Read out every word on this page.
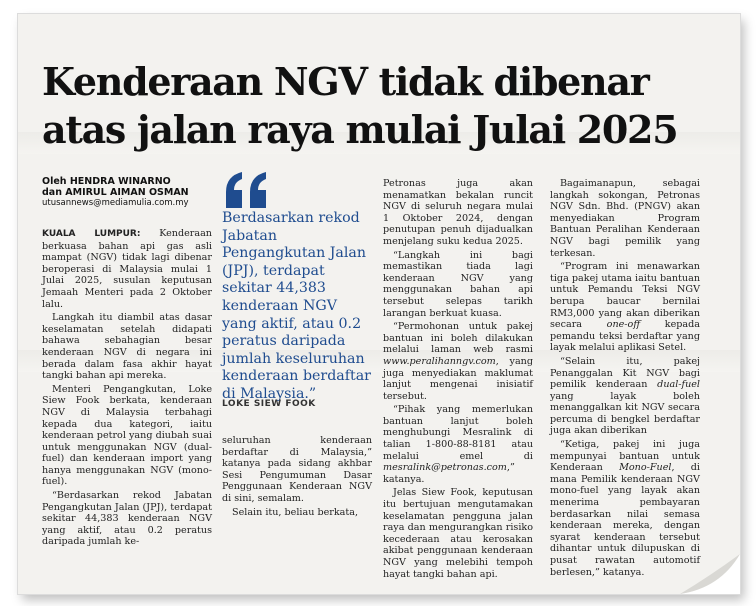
Kenderaan NGV tidak dibenar atas jalan raya mulai Julai 2025
Oleh HENDRA WINARNO
dan AMIRUL AIMAN OSMAN
utusannews@mediamulia.com.my

KUALA LUMPUR: Kenderaan berkuasa bahan api gas asli mampat (NGV) tidak lagi dibenar beroperasi di Malaysia mulai 1 Julai 2025, susulan keputusan Jemaah Menteri pada 2 Oktober lalu.

Langkah itu diambil atas dasar keselamatan setelah didapati bahawa sebahagian besar kenderaan NGV di negara ini berada dalam fasa akhir hayat tangki bahan api mereka.

Menteri Pengangkutan, Loke Siew Fook berkata, kenderaan NGV di Malaysia terbahagi kepada dua kategori, iaitu kenderaan petrol yang diubah suai untuk menggunakan NGV (dual-fuel) dan kenderaan import yang hanya menggunakan NGV (mono-fuel).

“Berdasarkan rekod Jabatan Pengangkutan Jalan (JPJ), terdapat sekitar 44,383 kenderaan NGV yang aktif, atau 0.2 peratus daripada jumlah ke-

Berdasarkan rekod Jabatan Pengangkutan Jalan (JPJ), terdapat sekitar 44,383 kenderaan NGV yang aktif, atau 0.2 peratus daripada jumlah keseluruhan kenderaan berdaftar di Malaysia.”

LOKE SIEW FOOK

seluruhan kenderaan berdaftar di Malaysia,” katanya pada sidang akhbar Sesi Pengumuman Dasar Penggunaan Kenderaan NGV di sini, semalam.

Selain itu, beliau berkata,

Petronas juga akan menamatkan bekalan runcit NGV di seluruh negara mulai 1 Oktober 2024, dengan penutupan penuh dijadualkan menjelang suku kedua 2025.

“Langkah ini bagi memastikan tiada lagi kenderaan NGV yang menggunakan bahan api tersebut selepas tarikh larangan berkuat kuasa.

“Permohonan untuk pakej bantuan ini boleh dilakukan melalui laman web rasmi www.peralihanngv.com, yang juga menyediakan maklumat lanjut mengenai inisiatif tersebut.

“Pihak yang memerlukan bantuan lanjut boleh menghubungi Mesralink di talian 1-800-88-8181 atau melalui emel di mesralink@petronas.com,” katanya.

Jelas Siew Fook, keputusan itu bertujuan mengutamakan keselamatan pengguna jalan raya dan mengurangkan risiko kecederaan atau kerosakan akibat penggunaan kenderaan NGV yang melebihi tempoh hayat tangki bahan api.

Bagaimanapun, sebagai langkah sokongan, Petronas NGV Sdn. Bhd. (PNGV) akan menyediakan Program Bantuan Peralihan Kenderaan NGV bagi pemilik yang terkesan.

“Program ini menawarkan tiga pakej utama iaitu bantuan untuk Pemandu Teksi NGV berupa baucar bernilai RM3,000 yang akan diberikan secara one-off kepada pemandu teksi berdaftar yang layak melalui aplikasi Setel.

“Selain itu, pakej Penanggalan Kit NGV bagi pemilik kenderaan dual-fuel yang layak boleh menanggalkan kit NGV secara percuma di bengkel berdaftar juga akan diberikan

“Ketiga, pakej ini juga mempunyai bantuan untuk Kenderaan Mono-Fuel, di mana Pemilik kenderaan NGV mono-fuel yang layak akan menerima pembayaran berdasarkan nilai semasa kenderaan mereka, dengan syarat kenderaan tersebut dihantar untuk dilupuskan di pusat rawatan automotif berlesen,” katanya.
